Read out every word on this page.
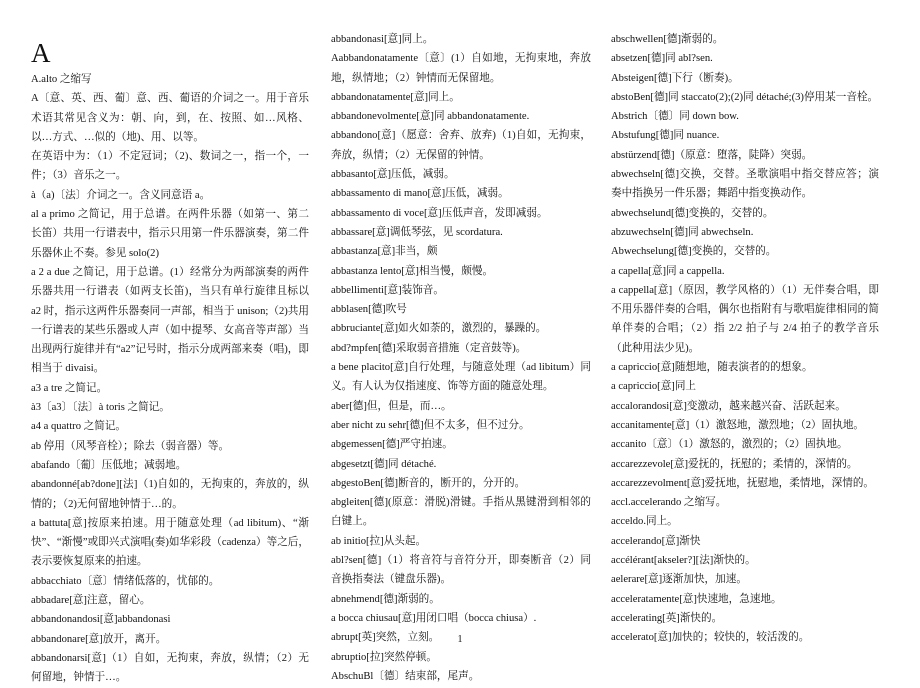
A
A.alto 之缩写
A〔意、英、西、葡〕意、西、葡语的介词之一。用于音乐术语其常见含义为：朝、向，到，在、按照、如…风格、以…方式、…似的（地)、用、以等。
在英语中为：（1）不定冠词；（2)、数词之一，指一个，一件；（3）音乐之一。
à（a)〔法〕介词之一。含义同意语 a。
al a primo 之简记，用于总谱。在两件乐器（如第一、第二长笛）共用一行谱表中，指示只用第一件乐器演奏，第二件乐器休止不奏。参见 solo(2)
a 2 a due 之简记，用于总谱。(1）经常分为两部演奏的两件乐器共用一行谱表（如两支长笛)，当只有单行旋律且标以 a2 时，指示这两件乐器奏同一声部，相当于 unison;（2)共用一行谱表的某些乐器或人声（如中提琴、女高音等声部）当出现两行旋律并有“a2”记号时，指示分成两部来奏（唱)，即相当于 divaisi。
a3 a tre 之简记。
à3〔a3〕〔法〕à toris 之简记。
a4 a quattro 之简记。
ab 停用（风琴音栓）；除去（弱音器）等。
abafando〔葡〕压低地；减弱地。
abandonné[ab?done][法]（1)自如的，无拘束的，奔放的，纵情的；（2)无何留地钟情于…的。
a battuta[意]按原来拍速。用于随意处理（ad libitum)、“渐快”、“渐慢”或即兴式演唱(奏)如华彩段（cadenza）等之后，表示要恢复原来的拍速。
abbacchiato〔意〕情绪低落的，忧郁的。
abbadare[意]注意，留心。
abbandonandosi[意]abbandonasi
abbandonare[意]放开，离开。
abbandonarsi[意]（1）自如，无拘束，奔放，纵情；（2）无何留地，钟情于…。
abbandonasi[意]同上。
Aabbandonatamente〔意〕(1）自如地，无拘束地，奔放地，纵情地；（2）钟情而无保留地。
abbandonatamente[意]同上。
abbandonevolmente[意]同 abbandonatamente.
abbandono[意]（愿意：舍弃、放弃)（1)自如，无拘束，奔放，纵情；（2）无保留的钟情。
abbasanto[意]压低，减弱。
abbassamento di mano[意]压低，减弱。
abbassamento di voce[意]压低声音，发即减弱。
abbassare[意]调低琴弦，见 scordatura.
abbastanza[意]非当，颇
abbastanza lento[意]相当慢，颇慢。
abbellimenti[意]装饰音。
abblasen[德]吹号
abbruciante[意]如火如荼的，激烈的，暴躁的。
abd?mpfen[德]采取弱音措施（定音鼓等)。
a bene placito[意]自行处理，与随意处理（ad libitum）同义。有人认为仅指速度、饰等方面的随意处理。
aber[德]但，但是，而…。
aber nicht zu sehr[德]但不太多，但不过分。
abgemessen[德]严守拍速。
abgesetzt[德]同 détaché.
abgestoBen[德]断音的，断开的，分开的。
abgleiten[德](原意：滑脱)滑键。手指从黑键滑到相邻的白键上。
ab initio[拉]从头起。
abl?sen[德]（1）将音符与音符分开，即奏断音（2）同音换指奏法（键盘乐器)。
abnehmend[德]渐弱的。
a bocca chiusau[意]用闭口唱（bocca chiusa）.
abrupt[英]突然，立刻。
abruptio[拉]突然停顿。
AbschuBl〔德〕结束部，尾声。
abschwellen[德]渐弱的。
absetzen[德]同 abl?sen.
Absteigen[德]下行（断奏)。
abstoBen[德]同 staccato(2);(2)同 détaché;(3)停用某一音栓。
Abstrich〔德〕同 down bow.
Abstufung[德]同 nuance.
abstürzend[德]（原意：堕落，陡降）突弱。
abwechseln[德]交换，交替。圣歌演唱中指交替应答；演奏中指换另一件乐器；舞蹈中指变换动作。
abwechselund[德]变换的，交替的。
abzuwechseln[德]同 abwechseln.
Abwechselung[德]变换的，交替的。
a capella[意]同 a cappella.
a cappella[意]（原因，教学风格的）（1）无伴奏合唱，即不用乐器伴奏的合唱，偶尔也指附有与歌唱旋律相同的简单伴奏的合唱；（2）指 2/2 拍子与 2/4 拍子的教学音乐（此种用法少见)。
a capriccio[意]随想地，随表演者的的想象。
a capriccio[意]同上
accalorandosi[意]变激动，越来越兴奋、活跃起来。
accanitamente[意]（1）激怒地，激烈地；（2）固执地。
accanito〔意〕（1）激怒的，激烈的；（2）固执地。
accarezzevole[意]爱抚的，抚慰的；柔情的，深情的。
accarezzevolment[意]爱抚地，抚慰地，柔情地，深情的。
accl.accelerando 之缩写。
acceldo.同上。
accelerando[意]渐快
accélérant[akseler?][法]渐快的。
aelerare[意]逐渐加快，加速。
acceleratamente[意]快速地，急速地。
accelerating[英]渐快的。
accelerato[意]加快的；较快的，较活泼的。
1
